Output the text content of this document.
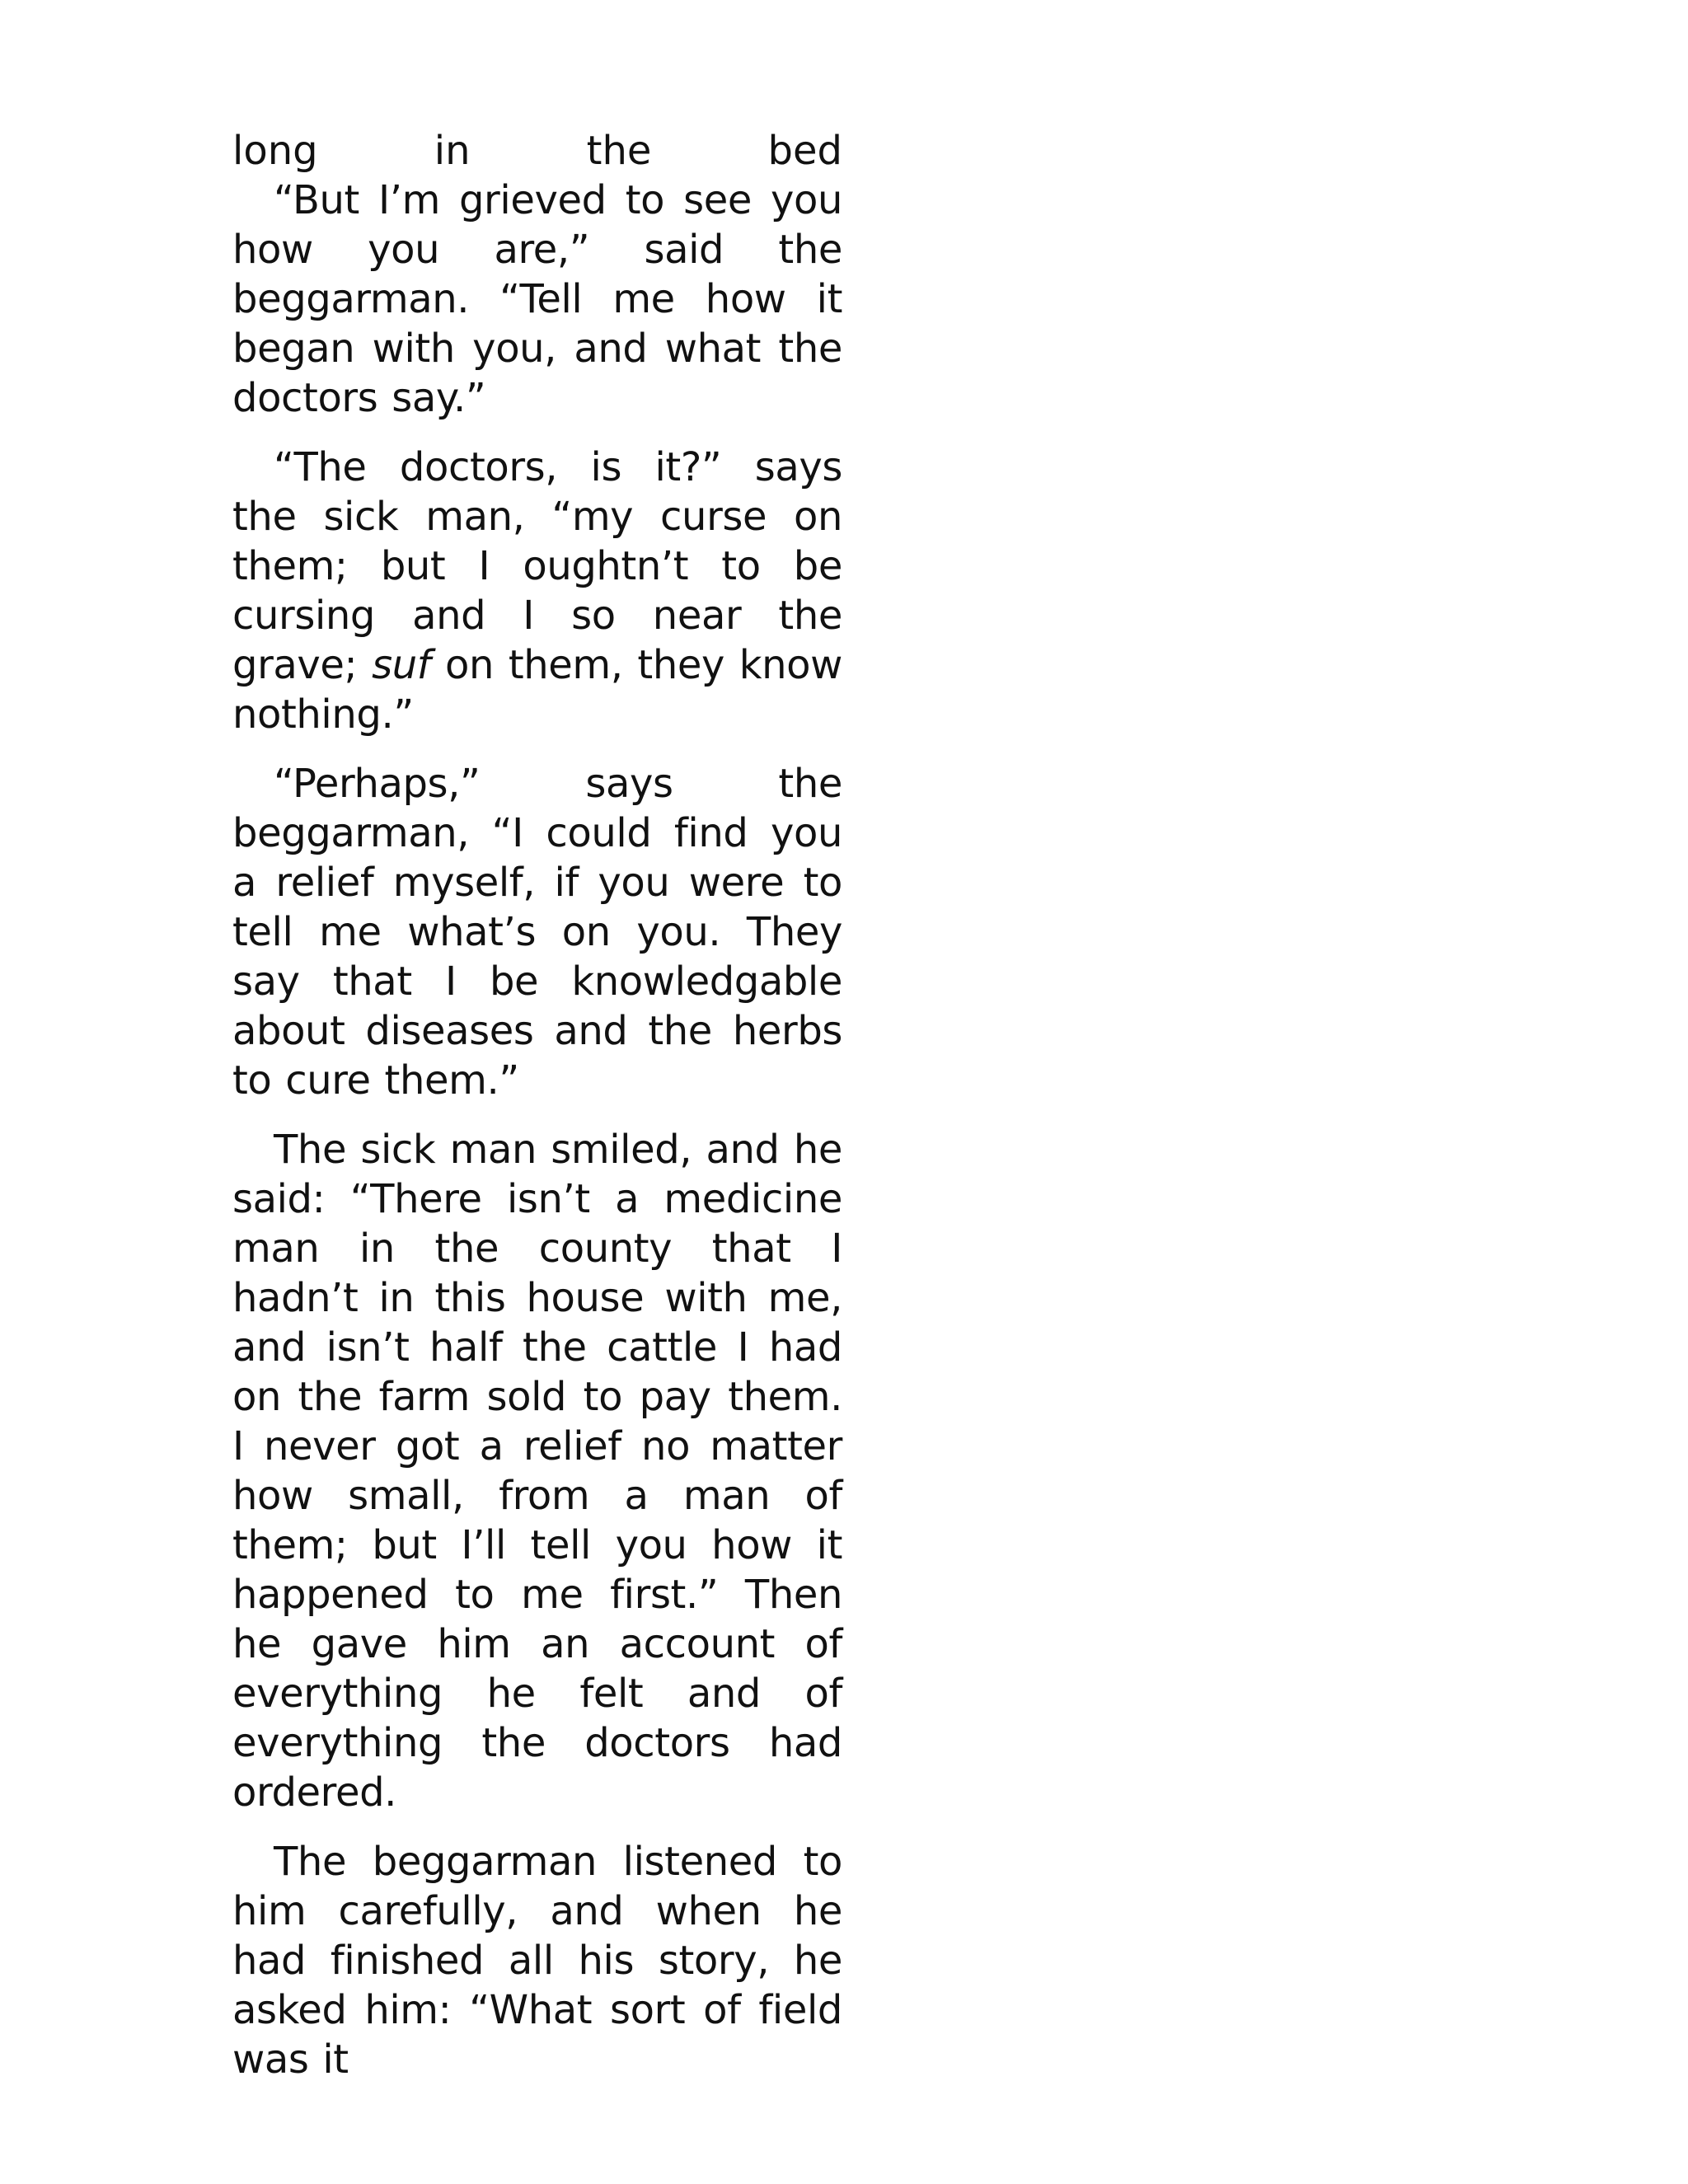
long in the bed

“But I’m grieved to see you how you are,” said the beggarman. “Tell me how it began with you, and what the doctors say.”

“The doctors, is it?” says the sick man, “my curse on them; but I oughtn’t to be cursing and I so near the grave; suf on them, they know nothing.”

“Perhaps,” says the beggarman, “I could find you a relief myself, if you were to tell me what’s on you. They say that I be knowledgable about diseases and the herbs to cure them.”

The sick man smiled, and he said: “There isn’t a medicine man in the county that I hadn’t in this house with me, and isn’t half the cattle I had on the farm sold to pay them. I never got a relief no matter how small, from a man of them; but I’ll tell you how it happened to me first.” Then he gave him an account of everything he felt and of everything the doctors had ordered.

The beggarman listened to him carefully, and when he had finished all his story, he asked him: “What sort of field was it
